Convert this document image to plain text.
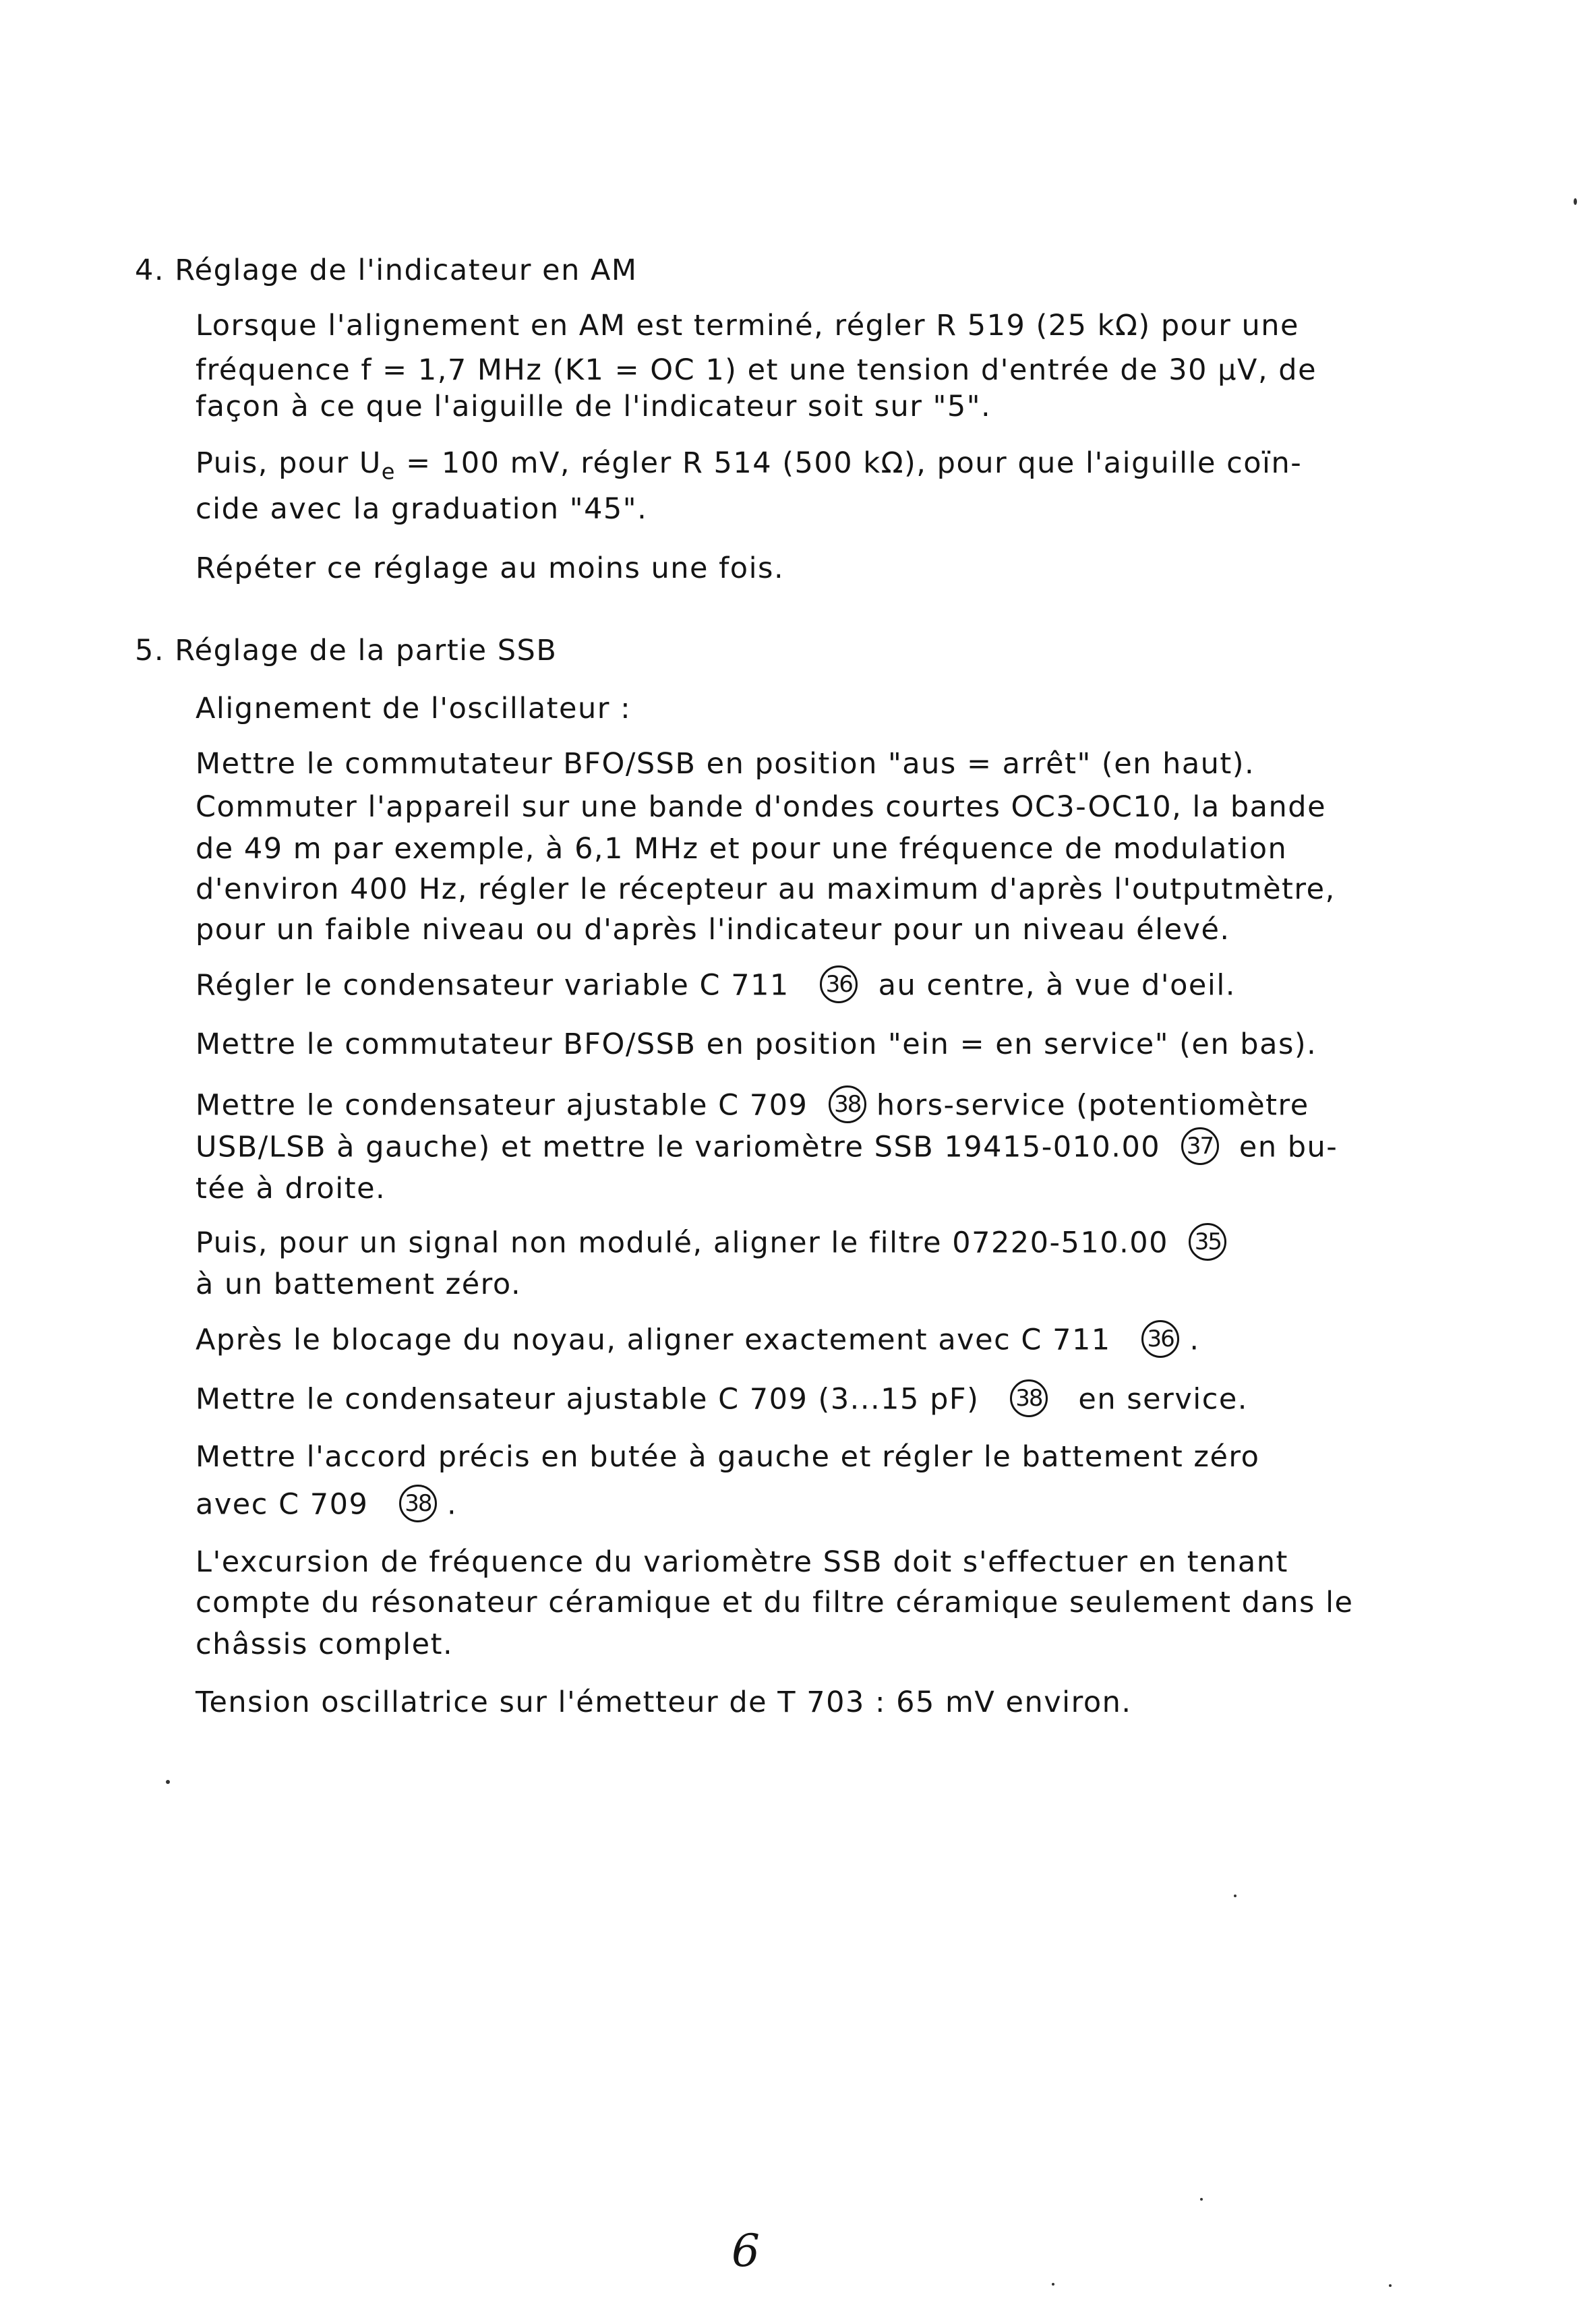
4. Réglage de l'indicateur en AM
Lorsque l'alignement en AM est terminé, régler R 519 (25 kΩ) pour une
fréquence f = 1,7 MHz (K1 = OC 1) et une tension d'entrée de 30 µV, de
façon à ce que l'aiguille de l'indicateur soit sur "5".
Puis, pour $U_e = 100$ mV, régler R 514 (500 kΩ), pour que l'aiguille coïn-
cide avec la graduation "45".
Répéter ce réglage au moins une fois.
5. Réglage de la partie SSB
Alignement de l'oscillateur :
Mettre le commutateur BFO/SSB en position "aus = arrêt" (en haut).
Commuter l'appareil sur une bande d'ondes courtes OC3-OC10, la bande
de 49 m par exemple, à 6,1 MHz et pour une fréquence de modulation
d'environ 400 Hz, régler le récepteur au maximum d'après l'outputmètre,
pour un faible niveau ou d'après l'indicateur pour un niveau élevé.
Régler le condensateur variable C 711 36 au centre, à vue d'oeil.
Mettre le commutateur BFO/SSB en position "ein = en service" (en bas).
Mettre le condensateur ajustable C 709 38 hors-service (potentiomètre
USB/LSB à gauche) et mettre le variomètre SSB 19415-010.00 37 en bu-
tée à droite.
Puis, pour un signal non modulé, aligner le filtre 07220-510.00 35
à un battement zéro.
Après le blocage du noyau, aligner exactement avec C 711 36 .
Mettre le condensateur ajustable C 709 (3...15 pF) 38 en service.
Mettre l'accord précis en butée à gauche et régler le battement zéro
avec C 709 38 .
L'excursion de fréquence du variomètre SSB doit s'effectuer en tenant
compte du résonateur céramique et du filtre céramique seulement dans le
châssis complet.
Tension oscillatrice sur l'émetteur de T 703 : 65 mV environ.
6
